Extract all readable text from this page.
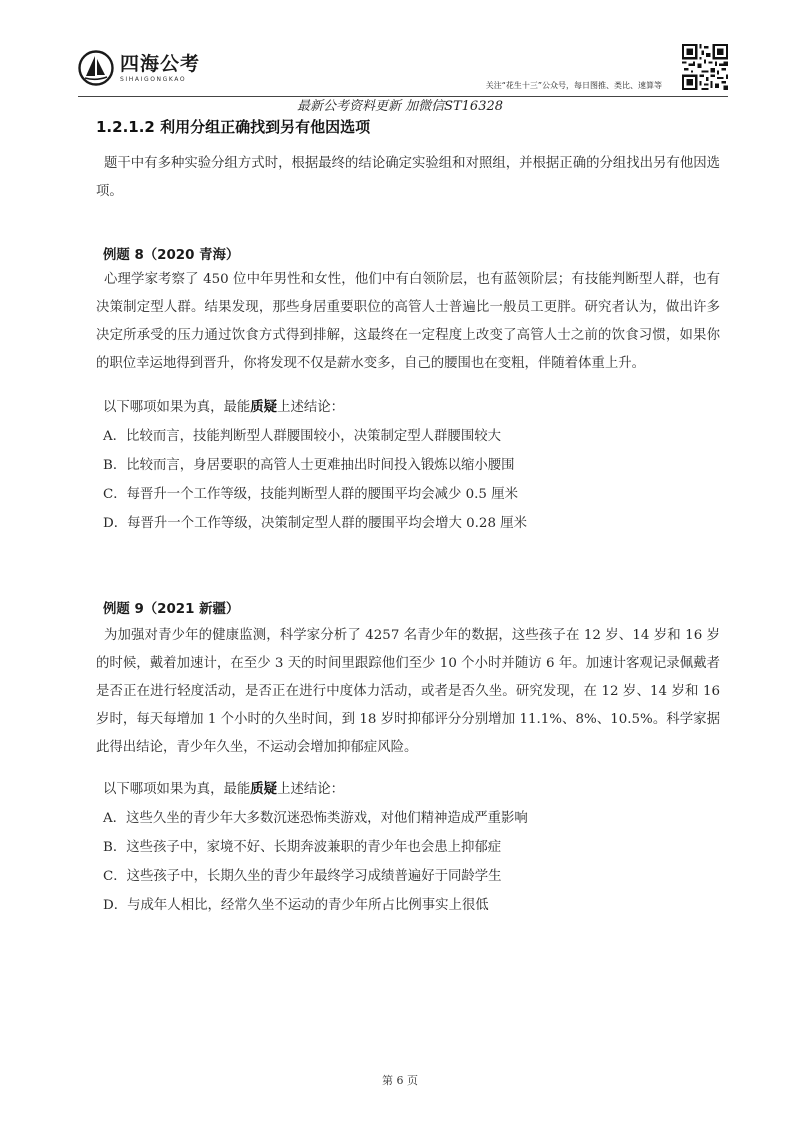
四海公考
SIHAIGONGKAO
关注“花生十三”公众号，每日图推、类比、速算等
最新公考资料更新 加微信ST16328
1.2.1.2 利用分组正确找到另有他因选项

题干中有多种实验分组方式时，根据最终的结论确定实验组和对照组，并根据正确的分组找出另有他因选项。

例题 8（2020 青海）

心理学家考察了 450 位中年男性和女性，他们中有白领阶层，也有蓝领阶层；有技能判断型人群，也有决策制定型人群。结果发现，那些身居重要职位的高管人士普遍比一般员工更胖。研究者认为，做出许多决定所承受的压力通过饮食方式得到排解，这最终在一定程度上改变了高管人士之前的饮食习惯，如果你的职位幸运地得到晋升，你将发现不仅是薪水变多，自己的腰围也在变粗，伴随着体重上升。

以下哪项如果为真，最能质疑上述结论：
A．比较而言，技能判断型人群腰围较小，决策制定型人群腰围较大
B．比较而言，身居要职的高管人士更难抽出时间投入锻炼以缩小腰围
C．每晋升一个工作等级，技能判断型人群的腰围平均会减少 0.5 厘米
D．每晋升一个工作等级，决策制定型人群的腰围平均会增大 0.28 厘米
例题 9（2021 新疆）

为加强对青少年的健康监测，科学家分析了 4257 名青少年的数据，这些孩子在 12 岁、14 岁和 16 岁的时候，戴着加速计，在至少 3 天的时间里跟踪他们至少 10 个小时并随访 6 年。加速计客观记录佩戴者是否正在进行轻度活动，是否正在进行中度体力活动，或者是否久坐。研究发现，在 12 岁、14 岁和 16 岁时，每天每增加 1 个小时的久坐时间，到 18 岁时抑郁评分分别增加 11.1%、8%、10.5%。科学家据此得出结论，青少年久坐，不运动会增加抑郁症风险。

以下哪项如果为真，最能质疑上述结论：
A．这些久坐的青少年大多数沉迷恐怖类游戏，对他们精神造成严重影响
B．这些孩子中，家境不好、长期奔波兼职的青少年也会患上抑郁症
C．这些孩子中，长期久坐的青少年最终学习成绩普遍好于同龄学生
D．与成年人相比，经常久坐不运动的青少年所占比例事实上很低
第 6 页
